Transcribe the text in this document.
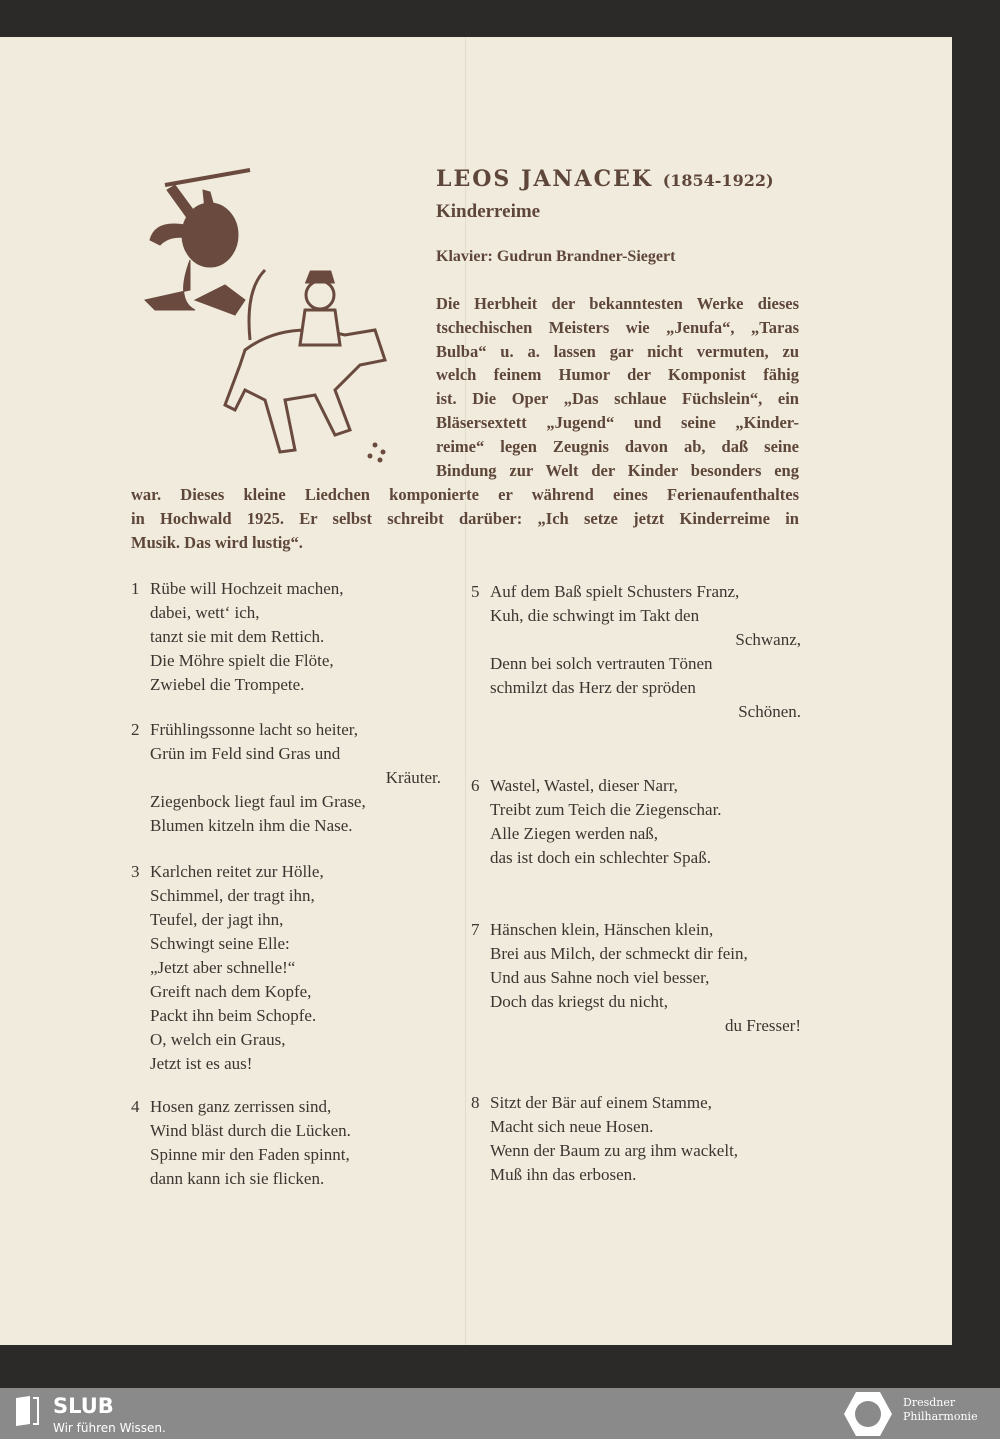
LEOS JANACEK (1854-1922)
Kinderreime
Klavier: Gudrun Brandner-Siegert
Die Herbheit der bekanntesten Werke dieses
tschechischen Meisters wie „Jenufa“, „Taras
Bulba“ u. a. lassen gar nicht vermuten, zu
welch feinem Humor der Komponist fähig
ist. Die Oper „Das schlaue Füchslein“, ein
Bläsersextett „Jugend“ und seine „Kinder-
reime“ legen Zeugnis davon ab, daß seine
Bindung zur Welt der Kinder besonders eng
war. Dieses kleine Liedchen komponierte er während eines Ferienaufenthaltes
in Hochwald 1925. Er selbst schreibt darüber: „Ich setze jetzt Kinderreime in
Musik. Das wird lustig“.
1 Rübe will Hochzeit machen,
dabei, wett‘ ich,
tanzt sie mit dem Rettich.
Die Möhre spielt die Flöte,
Zwiebel die Trompete.
2 Frühlingssonne lacht so heiter,
Grün im Feld sind Gras und
Kräuter.
Ziegenbock liegt faul im Grase,
Blumen kitzeln ihm die Nase.
3 Karlchen reitet zur Hölle,
Schimmel, der tragt ihn,
Teufel, der jagt ihn,
Schwingt seine Elle:
„Jetzt aber schnelle!“
Greift nach dem Kopfe,
Packt ihn beim Schopfe.
O, welch ein Graus,
Jetzt ist es aus!
4 Hosen ganz zerrissen sind,
Wind bläst durch die Lücken.
Spinne mir den Faden spinnt,
dann kann ich sie flicken.
5 Auf dem Baß spielt Schusters Franz,
Kuh, die schwingt im Takt den
Schwanz,
Denn bei solch vertrauten Tönen
schmilzt das Herz der spröden
Schönen.
6 Wastel, Wastel, dieser Narr,
Treibt zum Teich die Ziegenschar.
Alle Ziegen werden naß,
das ist doch ein schlechter Spaß.
7 Hänschen klein, Hänschen klein,
Brei aus Milch, der schmeckt dir fein,
Und aus Sahne noch viel besser,
Doch das kriegst du nicht,
du Fresser!
8 Sitzt der Bär auf einem Stamme,
Macht sich neue Hosen.
Wenn der Baum zu arg ihm wackelt,
Muß ihn das erbosen.
SLUB
Wir führen Wissen.
Dresdner
Philharmonie
